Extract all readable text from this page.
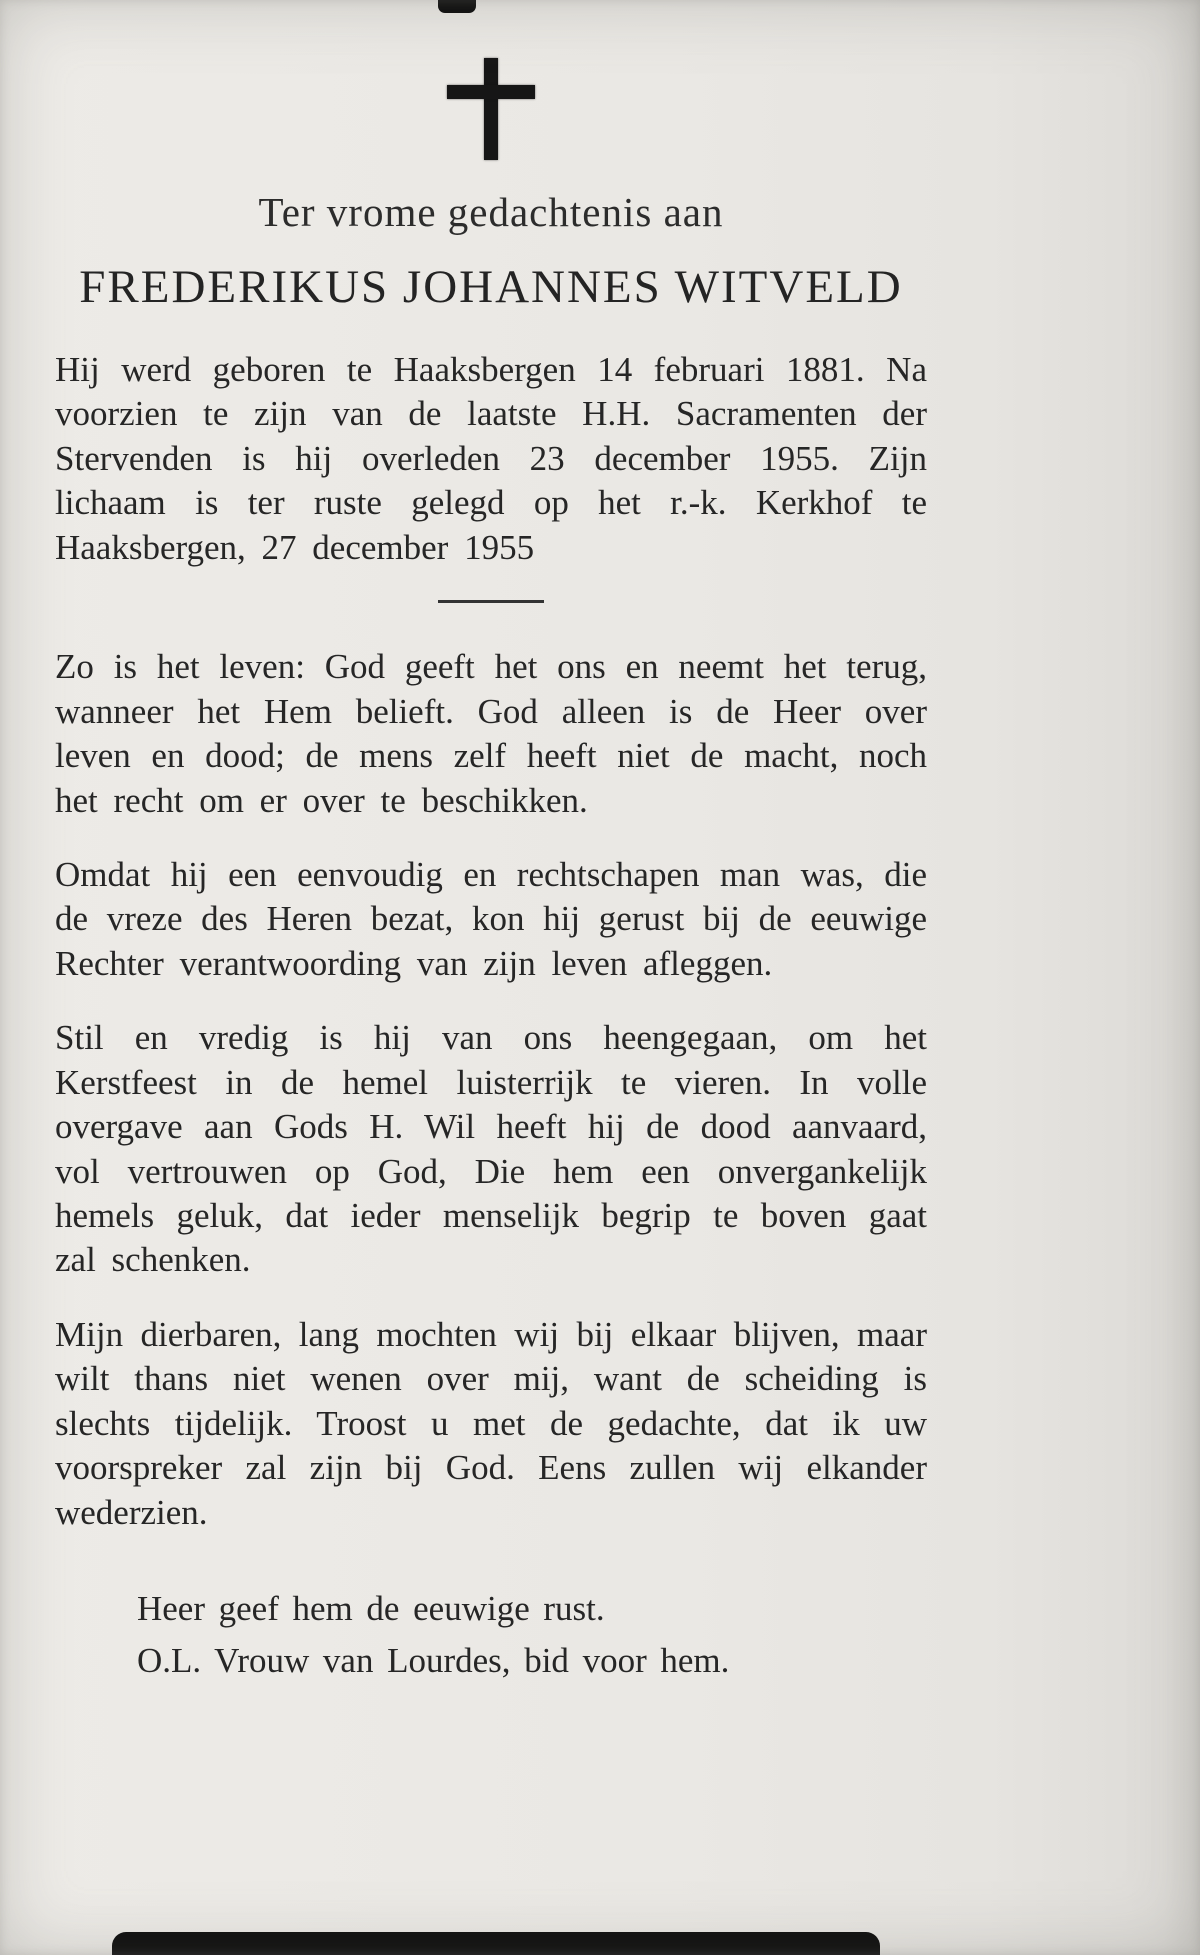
Ter vrome gedachtenis aan
FREDERIKUS JOHANNES WITVELD

Hij werd geboren te Haaksbergen 14 februari 1881. Na voorzien te zijn van de laatste H.H. Sacramenten der Stervenden is hij overleden 23 december 1955. Zijn lichaam is ter ruste gelegd op het r.-k. Kerkhof te Haaksbergen, 27 december 1955

Zo is het leven: God geeft het ons en neemt het terug, wanneer het Hem belieft. God alleen is de Heer over leven en dood; de mens zelf heeft niet de macht, noch het recht om er over te beschikken.

Omdat hij een eenvoudig en rechtschapen man was, die de vreze des Heren bezat, kon hij gerust bij de eeuwige Rechter verantwoording van zijn leven afleggen.

Stil en vredig is hij van ons heengegaan, om het Kerstfeest in de hemel luisterrijk te vieren. In volle overgave aan Gods H. Wil heeft hij de dood aanvaard, vol vertrouwen op God, Die hem een onvergankelijk hemels geluk, dat ieder menselijk begrip te boven gaat zal schenken.

Mijn dierbaren, lang mochten wij bij elkaar blijven, maar wilt thans niet wenen over mij, want de scheiding is slechts tijdelijk. Troost u met de gedachte, dat ik uw voorspreker zal zijn bij God. Eens zullen wij elkander wederzien.

Heer geef hem de eeuwige rust.

O.L. Vrouw van Lourdes, bid voor hem.
